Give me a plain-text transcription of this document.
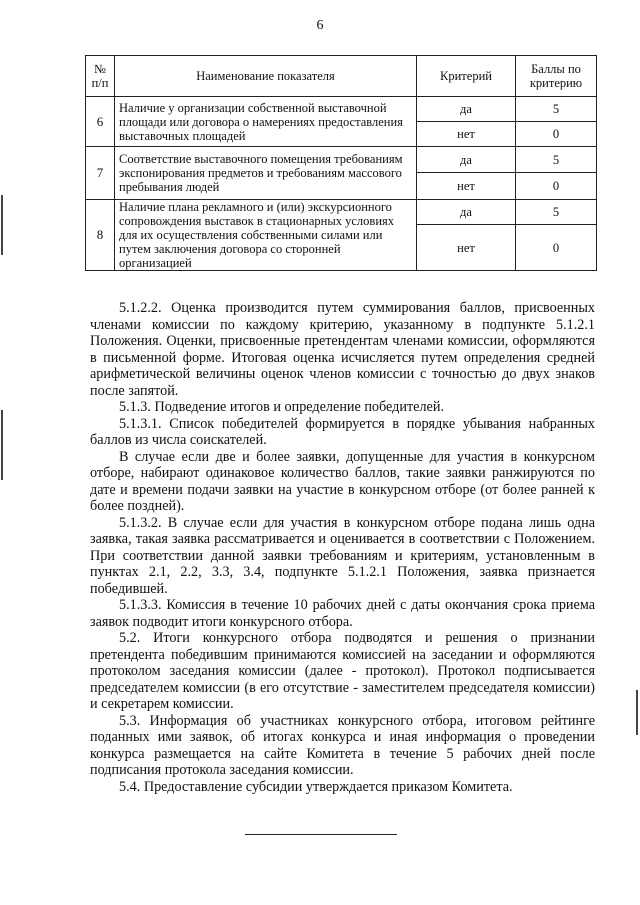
6
№ п/п	Наименование показателя	Критерий	Баллы по критерию
6	Наличие у организации собственной выставочной площади или договора о намерениях предоставления выставочных площадей	да	5
		нет	0
7	Соответствие выставочного помещения требованиям экспонирования предметов и требованиям массового пребывания людей	да	5
		нет	0
8	Наличие плана рекламного и (или) экскурсионного сопровождения выставок в стационарных условиях для их осуществления собственными силами или путем заключения договора со сторонней организацией	да	5
		нет	0

5.1.2.2. Оценка производится путем суммирования баллов, присвоенных членами комиссии по каждому критерию, указанному в подпункте 5.1.2.1 Положения. Оценки, присвоенные претендентам членами комиссии, оформляются в письменной форме. Итоговая оценка исчисляется путем определения средней арифметической величины оценок членов комиссии с точностью до двух знаков после запятой.

5.1.3. Подведение итогов и определение победителей.

5.1.3.1. Список победителей формируется в порядке убывания набранных баллов из числа соискателей.

В случае если две и более заявки, допущенные для участия в конкурсном отборе, набирают одинаковое количество баллов, такие заявки ранжируются по дате и времени подачи заявки на участие в конкурсном отборе (от более ранней к более поздней).

5.1.3.2. В случае если для участия в конкурсном отборе подана лишь одна заявка, такая заявка рассматривается и оценивается в соответствии с Положением. При соответствии данной заявки требованиям и критериям, установленным в пунктах 2.1, 2.2, 3.3, 3.4, подпункте 5.1.2.1 Положения, заявка признается победившей.

5.1.3.3. Комиссия в течение 10 рабочих дней с даты окончания срока приема заявок подводит итоги конкурсного отбора.

5.2. Итоги конкурсного отбора подводятся и решения о признании претендента победившим принимаются комиссией на заседании и оформляются протоколом заседания комиссии (далее - протокол). Протокол подписывается председателем комиссии (в его отсутствие - заместителем председателя комиссии) и секретарем комиссии.

5.3. Информация об участниках конкурсного отбора, итоговом рейтинге поданных ими заявок, об итогах конкурса и иная информация о проведении конкурса размещается на сайте Комитета в течение 5 рабочих дней после подписания протокола заседания комиссии.

5.4. Предоставление субсидии утверждается приказом Комитета.
